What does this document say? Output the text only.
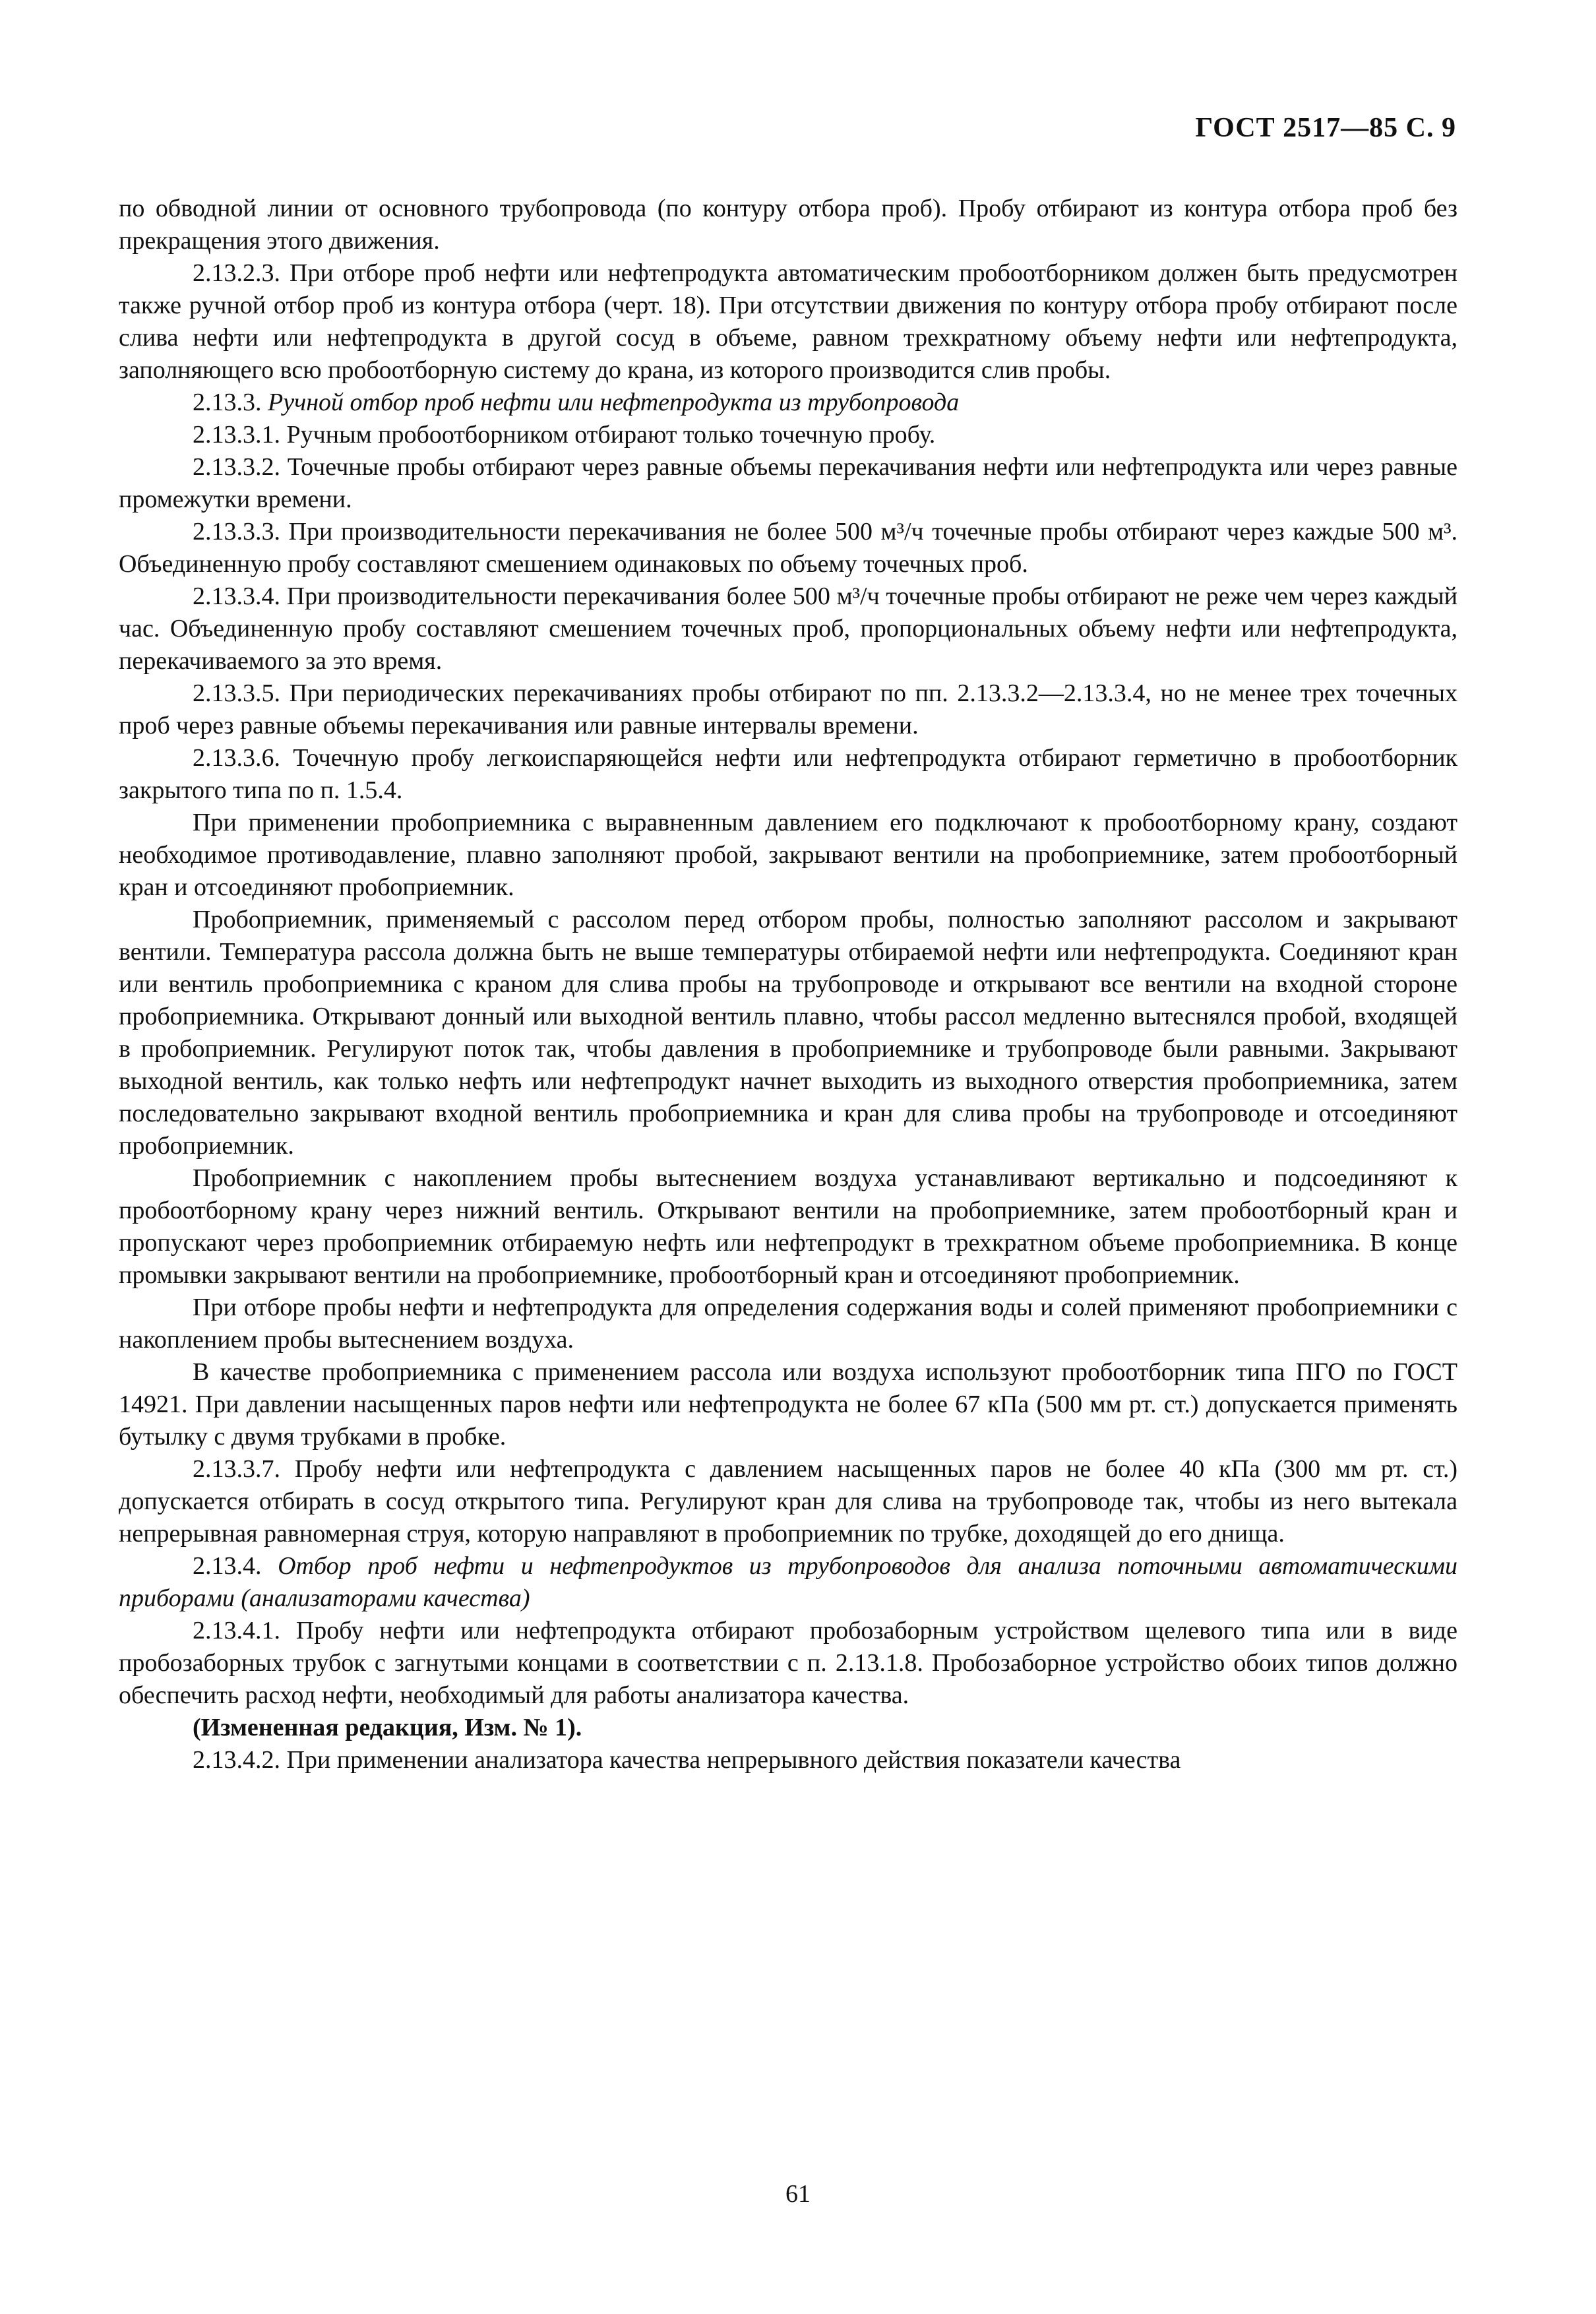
ГОСТ 2517—85 С. 9

по обводной линии от основного трубопровода (по контуру отбора проб). Пробу отбирают из контура отбора проб без прекращения этого движения.

2.13.2.3. При отборе проб нефти или нефтепродукта автоматическим пробоотборником должен быть предусмотрен также ручной отбор проб из контура отбора (черт. 18). При отсутствии движения по контуру отбора пробу отбирают после слива нефти или нефтепродукта в другой сосуд в объеме, равном трехкратному объему нефти или нефтепродукта, заполняющего всю пробоотборную систему до крана, из которого производится слив пробы.

2.13.3. Ручной отбор проб нефти или нефтепродукта из трубопровода

2.13.3.1. Ручным пробоотборником отбирают только точечную пробу.

2.13.3.2. Точечные пробы отбирают через равные объемы перекачивания нефти или нефтепродукта или через равные промежутки времени.

2.13.3.3. При производительности перекачивания не более 500 м³/ч точечные пробы отбирают через каждые 500 м³. Объединенную пробу составляют смешением одинаковых по объему точечных проб.

2.13.3.4. При производительности перекачивания более 500 м³/ч точечные пробы отбирают не реже чем через каждый час. Объединенную пробу составляют смешением точечных проб, пропорциональных объему нефти или нефтепродукта, перекачиваемого за это время.

2.13.3.5. При периодических перекачиваниях пробы отбирают по пп. 2.13.3.2—2.13.3.4, но не менее трех точечных проб через равные объемы перекачивания или равные интервалы времени.

2.13.3.6. Точечную пробу легкоиспаряющейся нефти или нефтепродукта отбирают герметично в пробоотборник закрытого типа по п. 1.5.4.

При применении пробоприемника с выравненным давлением его подключают к пробоотборному крану, создают необходимое противодавление, плавно заполняют пробой, закрывают вентили на пробоприемнике, затем пробоотборный кран и отсоединяют пробоприемник.

Пробоприемник, применяемый с рассолом перед отбором пробы, полностью заполняют рассолом и закрывают вентили. Температура рассола должна быть не выше температуры отбираемой нефти или нефтепродукта. Соединяют кран или вентиль пробоприемника с краном для слива пробы на трубопроводе и открывают все вентили на входной стороне пробоприемника. Открывают донный или выходной вентиль плавно, чтобы рассол медленно вытеснялся пробой, входящей в пробоприемник. Регулируют поток так, чтобы давления в пробоприемнике и трубопроводе были равными. Закрывают выходной вентиль, как только нефть или нефтепродукт начнет выходить из выходного отверстия пробоприемника, затем последовательно закрывают входной вентиль пробоприемника и кран для слива пробы на трубопроводе и отсоединяют пробоприемник.

Пробоприемник с накоплением пробы вытеснением воздуха устанавливают вертикально и подсоединяют к пробоотборному крану через нижний вентиль. Открывают вентили на пробоприемнике, затем пробоотборный кран и пропускают через пробоприемник отбираемую нефть или нефтепродукт в трехкратном объеме пробоприемника. В конце промывки закрывают вентили на пробоприемнике, пробоотборный кран и отсоединяют пробоприемник.

При отборе пробы нефти и нефтепродукта для определения содержания воды и солей применяют пробоприемники с накоплением пробы вытеснением воздуха.

В качестве пробоприемника с применением рассола или воздуха используют пробоотборник типа ПГО по ГОСТ 14921. При давлении насыщенных паров нефти или нефтепродукта не более 67 кПа (500 мм рт. ст.) допускается применять бутылку с двумя трубками в пробке.

2.13.3.7. Пробу нефти или нефтепродукта с давлением насыщенных паров не более 40 кПа (300 мм рт. ст.) допускается отбирать в сосуд открытого типа. Регулируют кран для слива на трубопроводе так, чтобы из него вытекала непрерывная равномерная струя, которую направляют в пробоприемник по трубке, доходящей до его днища.

2.13.4. Отбор проб нефти и нефтепродуктов из трубопроводов для анализа поточными автоматическими приборами (анализаторами качества)

2.13.4.1. Пробу нефти или нефтепродукта отбирают пробозаборным устройством щелевого типа или в виде пробозаборных трубок с загнутыми концами в соответствии с п. 2.13.1.8. Пробозаборное устройство обоих типов должно обеспечить расход нефти, необходимый для работы анализатора качества.

(Измененная редакция, Изм. № 1).

2.13.4.2. При применении анализатора качества непрерывного действия показатели качества

61
